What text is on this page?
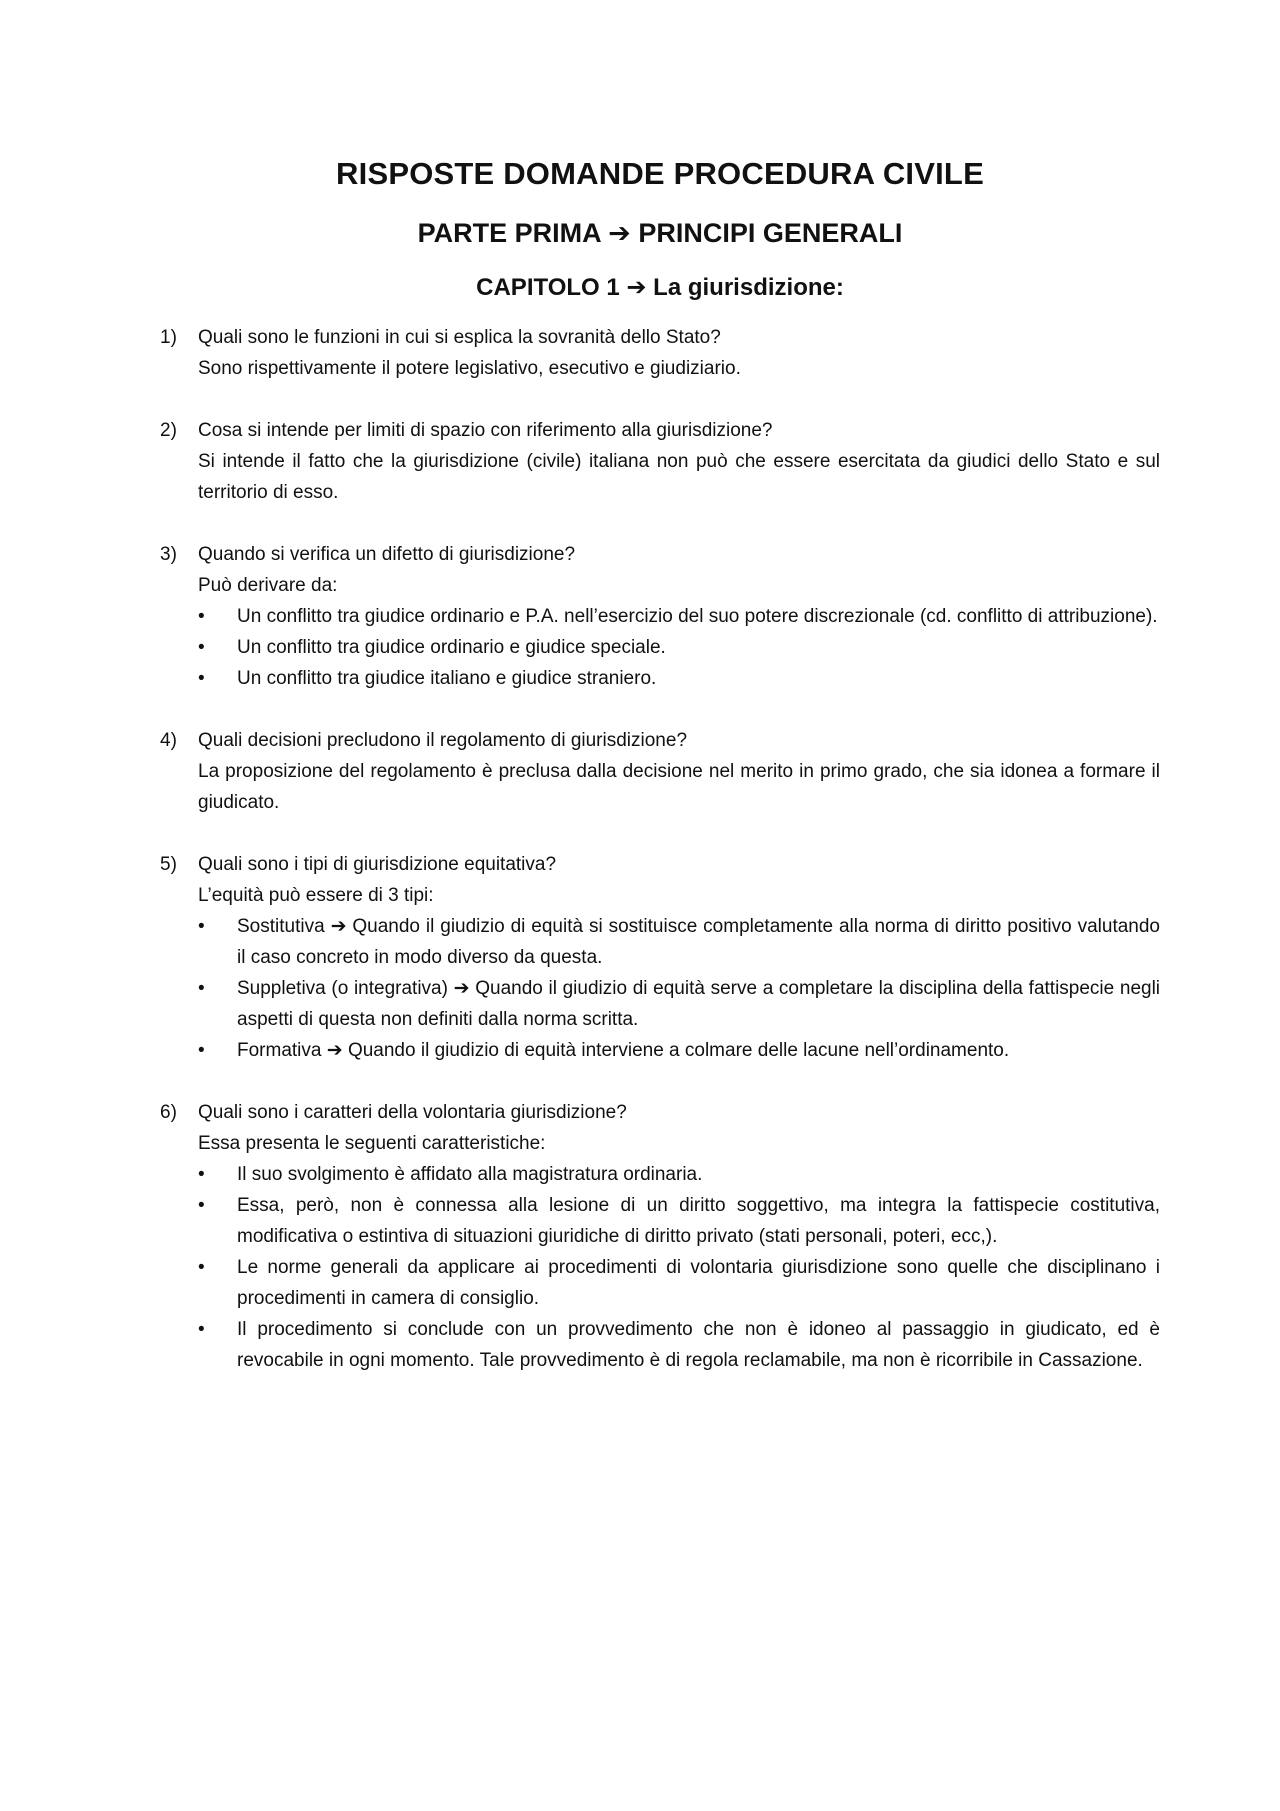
RISPOSTE DOMANDE PROCEDURA CIVILE
PARTE PRIMA ➔ PRINCIPI GENERALI
CAPITOLO 1 ➔ La giurisdizione:
1) Quali sono le funzioni in cui si esplica la sovranità dello Stato?
Sono rispettivamente il potere legislativo, esecutivo e giudiziario.
2) Cosa si intende per limiti di spazio con riferimento alla giurisdizione?
Si intende il fatto che la giurisdizione (civile) italiana non può che essere esercitata da giudici dello Stato e sul territorio di esso.
3) Quando si verifica un difetto di giurisdizione?
Può derivare da:
• Un conflitto tra giudice ordinario e P.A. nell’esercizio del suo potere discrezionale (cd. conflitto di attribuzione).
• Un conflitto tra giudice ordinario e giudice speciale.
• Un conflitto tra giudice italiano e giudice straniero.
4) Quali decisioni precludono il regolamento di giurisdizione?
La proposizione del regolamento è preclusa dalla decisione nel merito in primo grado, che sia idonea a formare il giudicato.
5) Quali sono i tipi di giurisdizione equitativa?
L’equità può essere di 3 tipi:
• Sostitutiva ➔ Quando il giudizio di equità si sostituisce completamente alla norma di diritto positivo valutando il caso concreto in modo diverso da questa.
• Suppletiva (o integrativa) ➔ Quando il giudizio di equità serve a completare la disciplina della fattispecie negli aspetti di questa non definiti dalla norma scritta.
• Formativa ➔ Quando il giudizio di equità interviene a colmare delle lacune nell’ordinamento.
6) Quali sono i caratteri della volontaria giurisdizione?
Essa presenta le seguenti caratteristiche:
• Il suo svolgimento è affidato alla magistratura ordinaria.
• Essa, però, non è connessa alla lesione di un diritto soggettivo, ma integra la fattispecie costitutiva, modificativa o estintiva di situazioni giuridiche di diritto privato (stati personali, poteri, ecc,).
• Le norme generali da applicare ai procedimenti di volontaria giurisdizione sono quelle che disciplinano i procedimenti in camera di consiglio.
• Il procedimento si conclude con un provvedimento che non è idoneo al passaggio in giudicato, ed è revocabile in ogni momento. Tale provvedimento è di regola reclamabile, ma non è ricorribile in Cassazione.
